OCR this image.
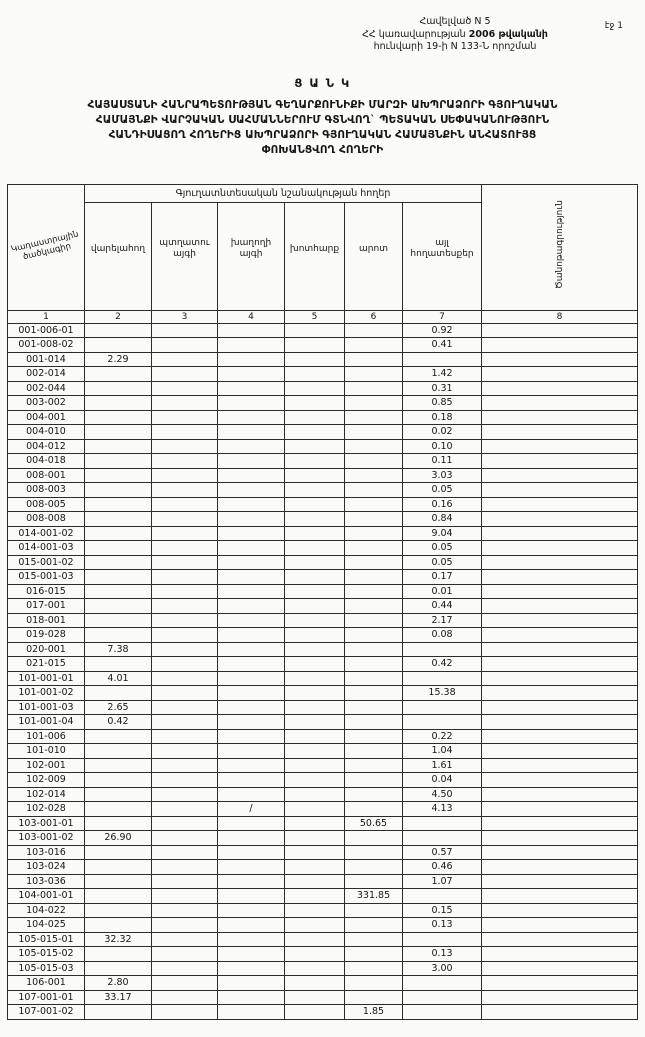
էջ 1
Հավելված N 5
ՀՀ կառավարության 2006 թվականի
հունվարի 19-ի N 133-Ն որոշման
Ց Ա Ն Կ
ՀԱՅԱՍՏԱՆԻ ՀԱՆՐԱՊԵՏՈՒԹՅԱՆ ԳԵՂԱՐՔՈՒՆԻՔԻ ՄԱՐԶԻ ԱԽՊՐԱՁՈՐԻ ԳՅՈՒՂԱԿԱՆ
ՀԱՄԱՅՆՔԻ ՎԱՐՉԱԿԱՆ ՍԱՀՄԱՆՆԵՐՈՒՄ ԳՏՆՎՈՂ` ՊԵՏԱԿԱՆ ՍԵՓԱԿԱՆՈՒԹՅՈՒՆ
ՀԱՆԴԻՍԱՑՈՂ ՀՈՂԵՐԻՑ ԱԽՊՐԱՁՈՐԻ ԳՅՈՒՂԱԿԱՆ ՀԱՄԱՅՆՔԻՆ ԱՆՀԱՏՈՒՅՑ
ՓՈԽԱՆՑՎՈՂ ՀՈՂԵՐԻ
Կադաստրային ծածկագիր	Գյուղատնտեսական նշանակության հողեր						Ծանոթագրություն
	վարելահող	պտղատու այգի	խաղողի այգի	խոտհարք	արոտ	այլ հողատեսքեր	
1	2	3	4	5	6	7	8
001-006-01						0.92	
001-008-02						0.41	
001-014	2.29						
002-014						1.42	
002-044						0.31	
003-002						0.85	
004-001						0.18	
004-010						0.02	
004-012						0.10	
004-018						0.11	
008-001						3.03	
008-003						0.05	
008-005						0.16	
008-008						0.84	
014-001-02						9.04	
014-001-03						0.05	
015-001-02						0.05	
015-001-03						0.17	
016-015						0.01	
017-001						0.44	
018-001						2.17	
019-028						0.08	
020-001	7.38						
021-015						0.42	
101-001-01	4.01						
101-001-02						15.38	
101-001-03	2.65						
101-001-04	0.42						
101-006						0.22	
101-010						1.04	
102-001						1.61	
102-009						0.04	
102-014						4.50	
102-028			/			4.13	
103-001-01					50.65		
103-001-02	26.90						
103-016						0.57	
103-024						0.46	
103-036						1.07	
104-001-01					331.85		
104-022						0.15	
104-025						0.13	
105-015-01	32.32						
105-015-02						0.13	
105-015-03						3.00	
106-001	2.80						
107-001-01	33.17						
107-001-02					1.85		
